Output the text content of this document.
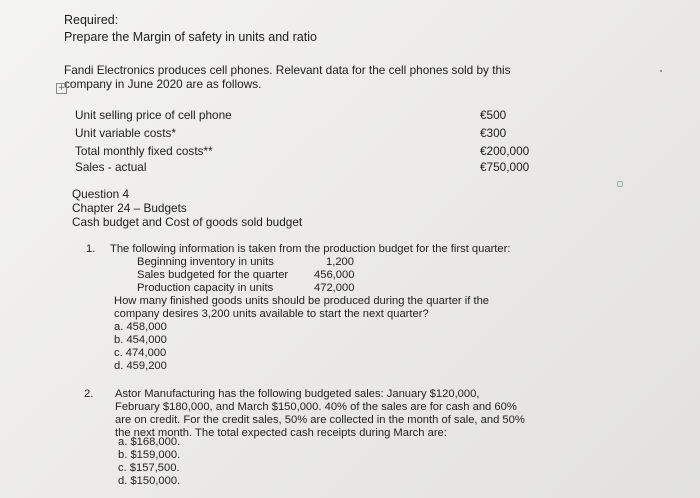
Required:
Prepare the Margin of safety in units and ratio
Fandi Electronics produces cell phones. Relevant data for the cell phones sold by this
company in June 2020 are as follows.
+
Unit selling price of cell phone	€500
Unit variable costs*	€300
Total monthly fixed costs**	€200,000
Sales - actual	€750,000
Question 4
Chapter 24 – Budgets
Cash budget and Cost of goods sold budget
1. The following information is taken from the production budget for the first quarter:
Beginning inventory in units	1,200
Sales budgeted for the quarter 456,000
Production capacity in units	472,000
How many finished goods units should be produced during the quarter if the
company desires 3,200 units available to start the next quarter?
a. 458,000
b. 454,000
c. 474,000
d. 459,200
2. Astor Manufacturing has the following budgeted sales: January $120,000,
February $180,000, and March $150,000. 40% of the sales are for cash and 60%
are on credit. For the credit sales, 50% are collected in the month of sale, and 50%
the next month. The total expected cash receipts during March are:
a. $168,000.
b. $159,000.
c. $157,500.
d. $150,000.
